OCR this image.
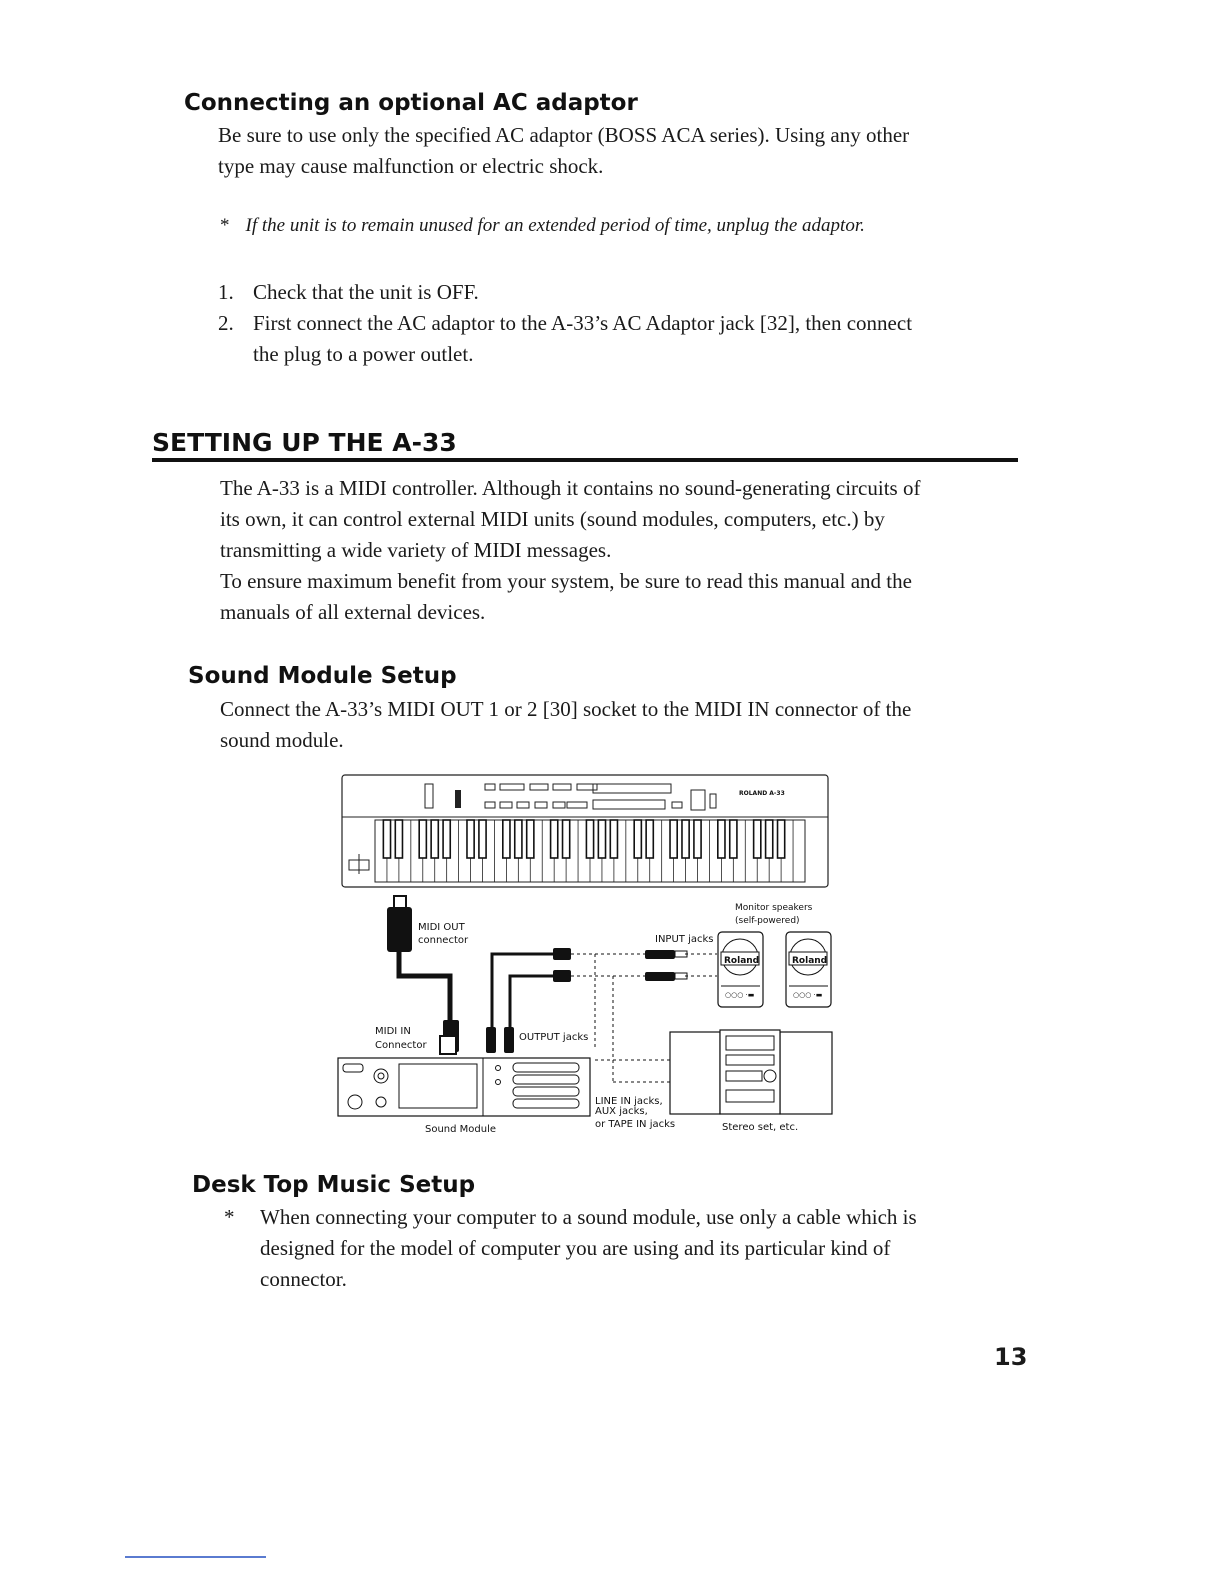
Connecting an optional AC adaptor
Be sure to use only the specified AC adaptor (BOSS ACA series). Using any other
type may cause malfunction or electric shock.
* If the unit is to remain unused for an extended period of time, unplug the adaptor.
1. Check that the unit is OFF.
2. First connect the AC adaptor to the A-33’s AC Adaptor jack [32], then connect
the plug to a power outlet.
SETTING UP THE A-33
The A-33 is a MIDI controller. Although it contains no sound-generating circuits of
its own, it can control external MIDI units (sound modules, computers, etc.) by
transmitting a wide variety of MIDI messages.
To ensure maximum benefit from your system, be sure to read this manual and the
manuals of all external devices.
Sound Module Setup
Connect the A-33’s MIDI OUT 1 or 2 [30] socket to the MIDI IN connector of the
sound module.
ROLAND A-33
MIDI OUT
connector	INPUT jacks
Monitor speakers
(self-powered)
Roland
○○○ ·▬
Roland
○○○ ·▬
MIDI IN
Connector
OUTPUT jacks
Sound Module
LINE IN jacks,
AUX jacks,
or TAPE IN jacks	Stereo set, etc.
Desk Top Music Setup
*	When connecting your computer to a sound module, use only a cable which is
designed for the model of computer you are using and its particular kind of
connector.
13
